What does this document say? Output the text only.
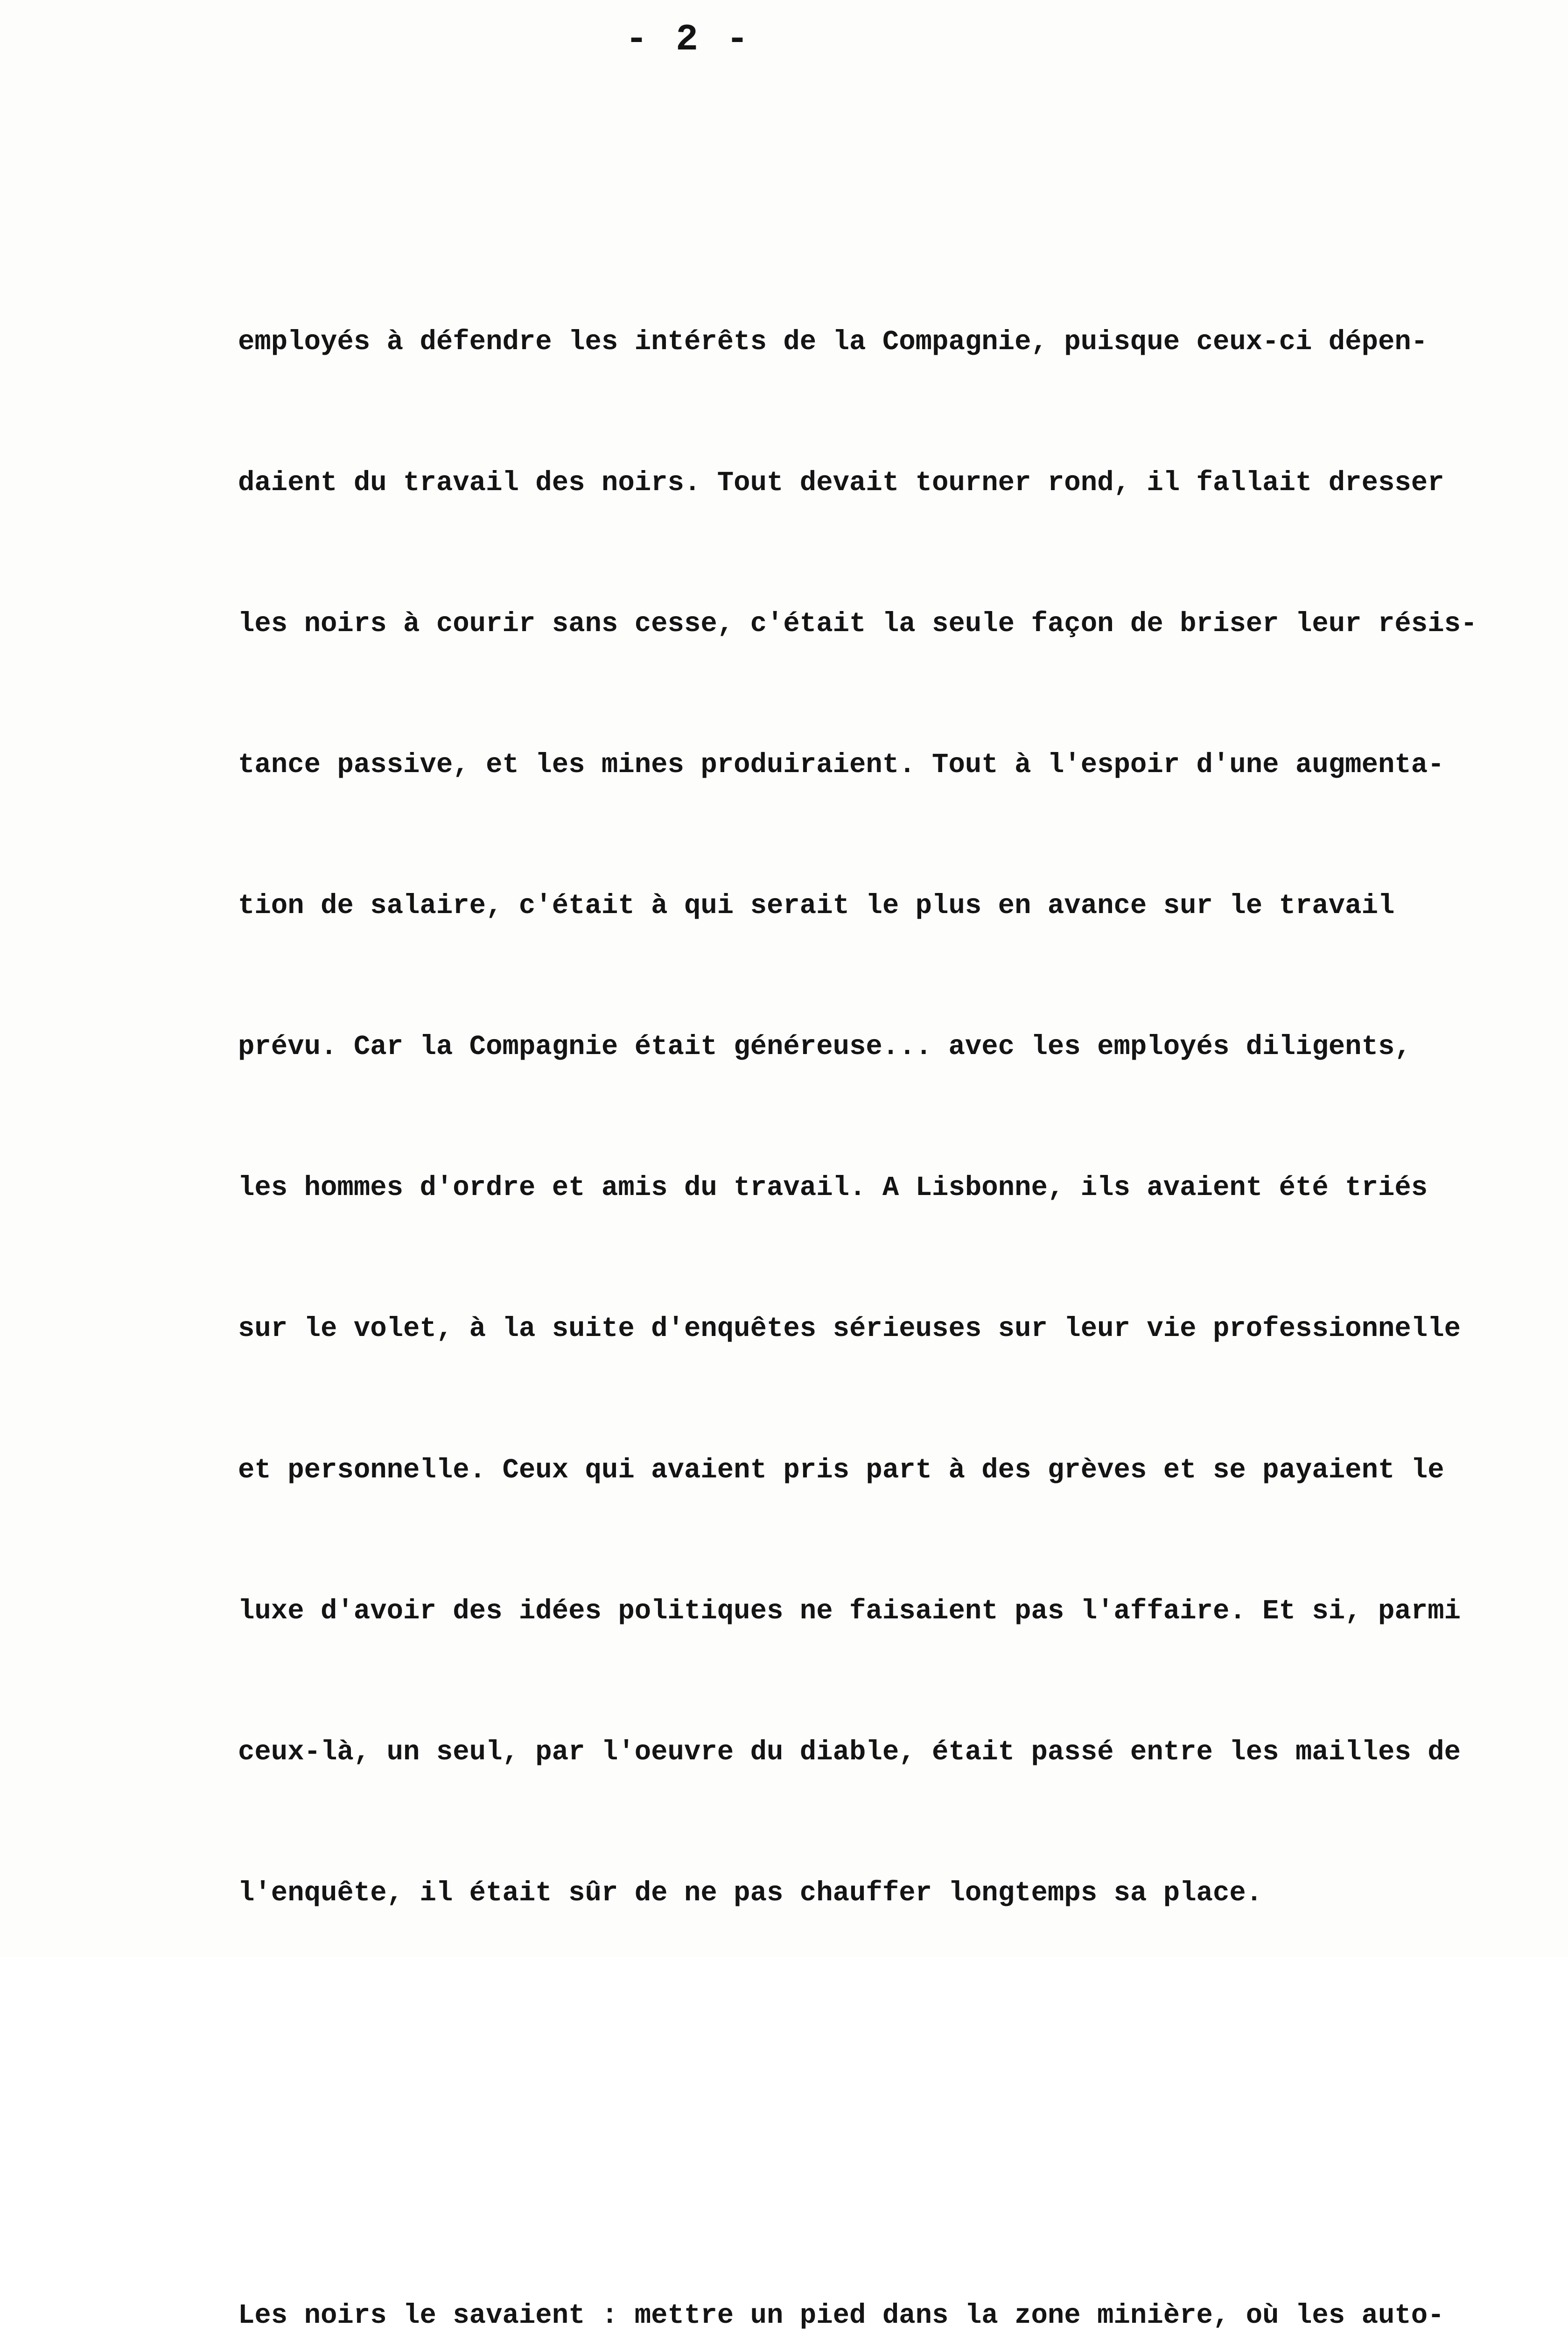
- 2 -

employés à défendre les intérêts de la Compagnie, puisque ceux-ci dépen-

daient du travail des noirs. Tout devait tourner rond, il fallait dresser

les noirs à courir sans cesse, c'était la seule façon de briser leur résis-

tance passive, et les mines produiraient. Tout à l'espoir d'une augmenta-

tion de salaire, c'était à qui serait le plus en avance sur le travail

prévu. Car la Compagnie était généreuse... avec les employés diligents,

les hommes d'ordre et amis du travail. A Lisbonne, ils avaient été triés

sur le volet, à la suite d'enquêtes sérieuses sur leur vie professionnelle

et personnelle. Ceux qui avaient pris part à des grèves et se payaient le

luxe d'avoir des idées politiques ne faisaient pas l'affaire. Et si, parmi

ceux-là, un seul, par l'oeuvre du diable, était passé entre les mailles de

l'enquête, il était sûr de ne pas chauffer longtemps sa place.

Les noirs le savaient : mettre un pied dans la zone minière, où les auto-
